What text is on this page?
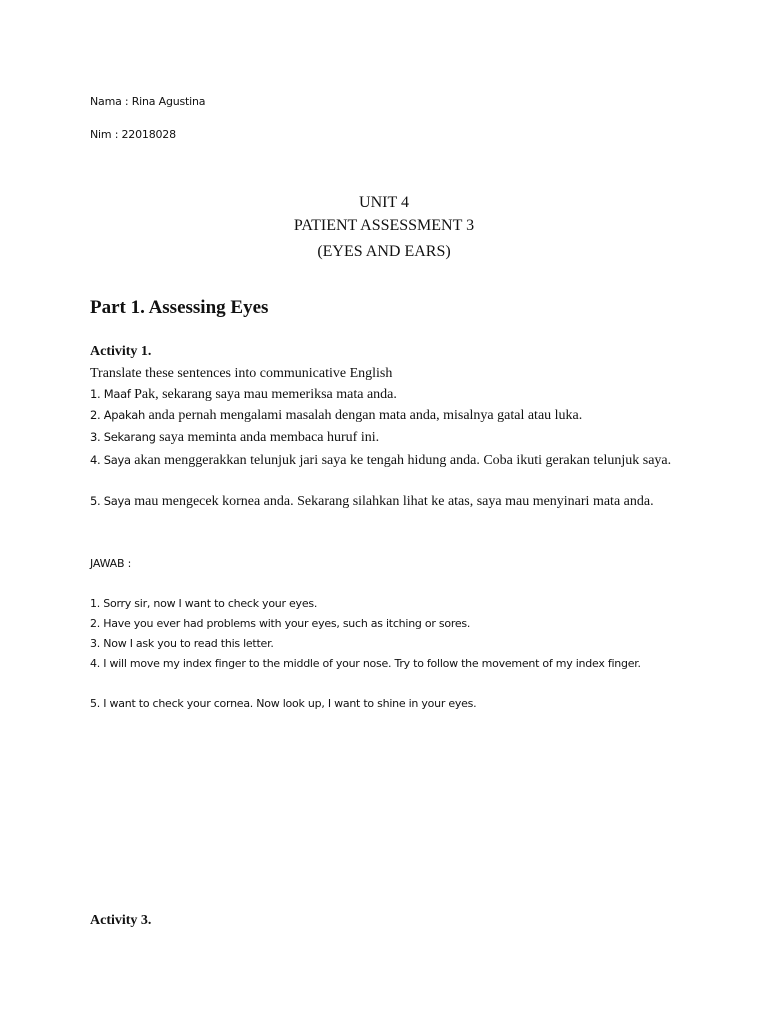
Nama : Rina Agustina
Nim : 22018028
UNIT 4
PATIENT ASSESSMENT 3
(EYES AND EARS)
Part 1. Assessing Eyes
Activity 1.
Translate these sentences into communicative English
1. Maaf Pak, sekarang saya mau memeriksa mata anda.
2. Apakah anda pernah mengalami masalah dengan mata anda, misalnya gatal atau luka.
3. Sekarang saya meminta anda membaca huruf ini.
4. Saya akan menggerakkan telunjuk jari saya ke tengah hidung anda. Coba ikuti gerakan telunjuk saya.
5. Saya mau mengecek kornea anda. Sekarang silahkan lihat ke atas, saya mau menyinari mata anda.
JAWAB :
1. Sorry sir, now I want to check your eyes.
2. Have you ever had problems with your eyes, such as itching or sores.
3. Now I ask you to read this letter.
4. I will move my index finger to the middle of your nose. Try to follow the movement of my index finger.
5. I want to check your cornea. Now look up, I want to shine in your eyes.
Activity 3.
